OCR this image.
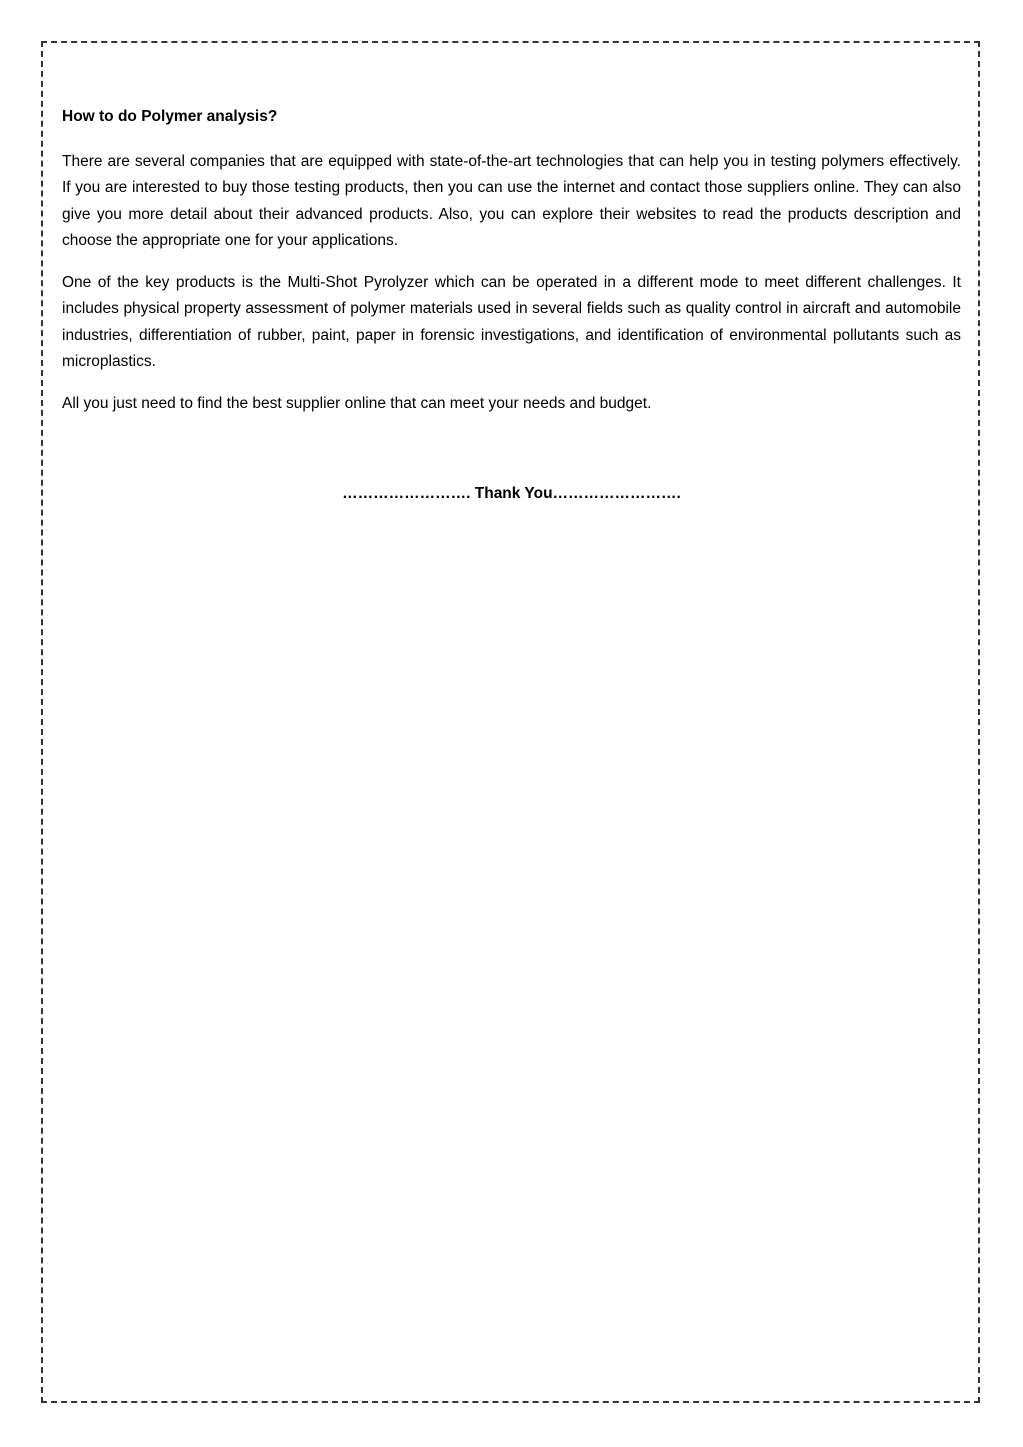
How to do Polymer analysis?

There are several companies that are equipped with state-of-the-art technologies that can help you in testing polymers effectively. If you are interested to buy those testing products, then you can use the internet and contact those suppliers online. They can also give you more detail about their advanced products. Also, you can explore their websites to read the products description and choose the appropriate one for your applications.

One of the key products is the Multi-Shot Pyrolyzer which can be operated in a different mode to meet different challenges. It includes physical property assessment of polymer materials used in several fields such as quality control in aircraft and automobile industries, differentiation of rubber, paint, paper in forensic investigations, and identification of environmental pollutants such as microplastics.

All you just need to find the best supplier online that can meet your needs and budget.

……………………. Thank You…………………….
